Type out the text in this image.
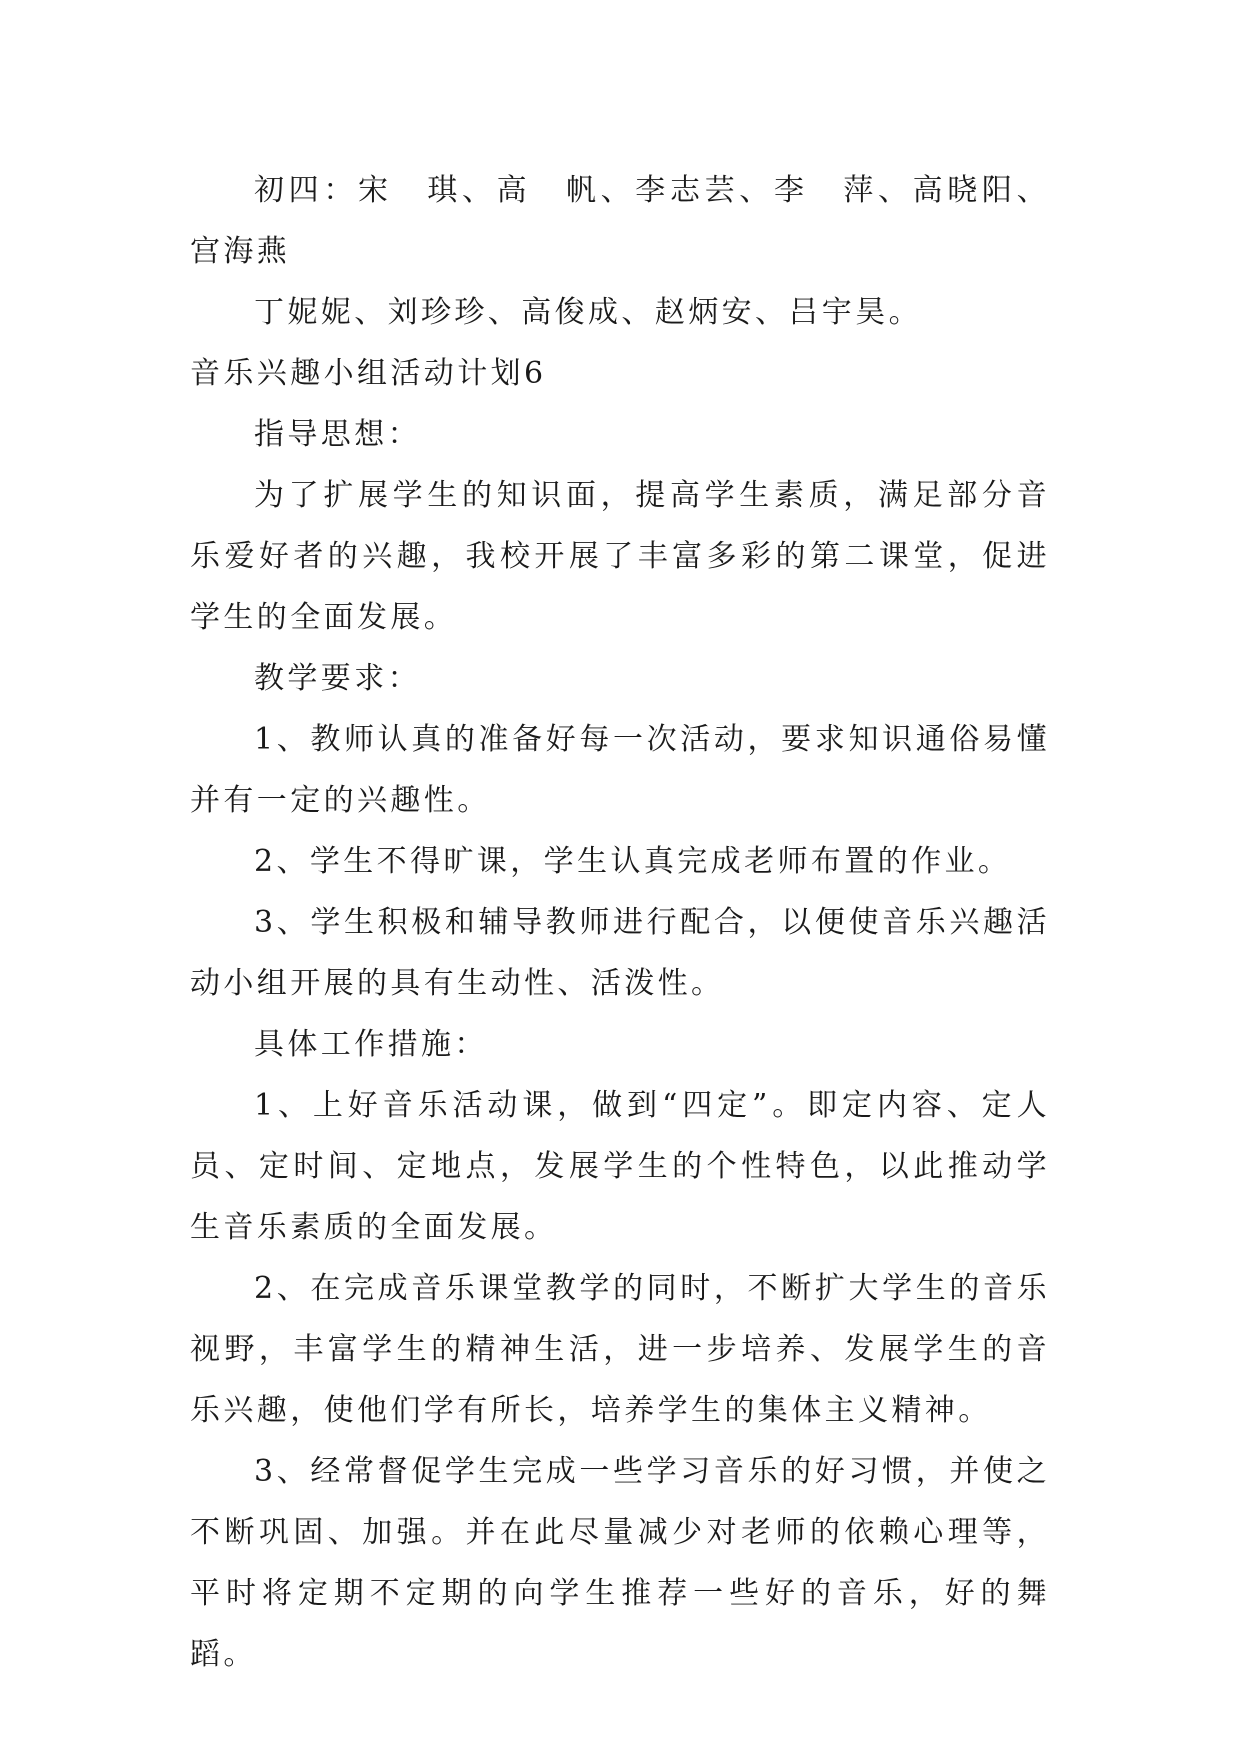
初四：宋　琪、高　帆、李志芸、李　萍、高晓阳、宫海燕

丁妮妮、刘珍珍、高俊成、赵炳安、吕宇昊。

音乐兴趣小组活动计划6

指导思想：

为了扩展学生的知识面，提高学生素质，满足部分音乐爱好者的兴趣，我校开展了丰富多彩的第二课堂，促进学生的全面发展。

教学要求：

1、教师认真的准备好每一次活动，要求知识通俗易懂并有一定的兴趣性。

2、学生不得旷课，学生认真完成老师布置的作业。

3、学生积极和辅导教师进行配合，以便使音乐兴趣活动小组开展的具有生动性、活泼性。

具体工作措施：

1、上好音乐活动课，做到“四定”。即定内容、定人员、定时间、定地点，发展学生的个性特色，以此推动学生音乐素质的全面发展。

2、在完成音乐课堂教学的同时，不断扩大学生的音乐视野，丰富学生的精神生活，进一步培养、发展学生的音乐兴趣，使他们学有所长，培养学生的集体主义精神。

3、经常督促学生完成一些学习音乐的好习惯，并使之不断巩固、加强。并在此尽量减少对老师的依赖心理等，平时将定期不定期的向学生推荐一些好的音乐，好的舞蹈。
